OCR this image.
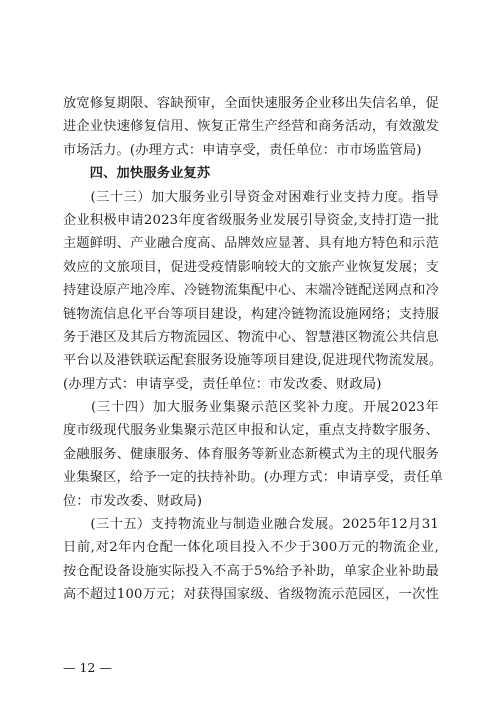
放宽修复期限、容缺预审，全面快速服务企业移出失信名单，促
进企业快速修复信用、恢复正常生产经营和商务活动，有效激发
市场活力。(办理方式：申请享受，责任单位：市市场监管局)
　　四、加快服务业复苏
　　(三十三）加大服务业引导资金对困难行业支持力度。指导
企业积极申请2023年度省级服务业发展引导资金,支持打造一批
主题鲜明、产业融合度高、品牌效应显著、具有地方特色和示范
效应的文旅项目，促进受疫情影响较大的文旅产业恢复发展；支
持建设原产地冷库、冷链物流集配中心、末端冷链配送网点和冷
链物流信息化平台等项目建设，构建冷链物流设施网络；支持服
务于港区及其后方物流园区、物流中心、智慧港区物流公共信息
平台以及港铁联运配套服务设施等项目建设,促进现代物流发展。
(办理方式：申请享受，责任单位：市发改委、财政局)
　　(三十四）加大服务业集聚示范区奖补力度。开展2023年
度市级现代服务业集聚示范区申报和认定，重点支持数字服务、
金融服务、健康服务、体育服务等新业态新模式为主的现代服务
业集聚区，给予一定的扶持补助。(办理方式：申请享受，责任单
位：市发改委、财政局)
　　(三十五）支持物流业与制造业融合发展。2025年12月31
日前,对2年内仓配一体化项目投入不少于300万元的物流企业,
按仓配设备设施实际投入不高于5%给予补助，单家企业补助最
高不超过100万元；对获得国家级、省级物流示范园区，一次性
— 12 —
